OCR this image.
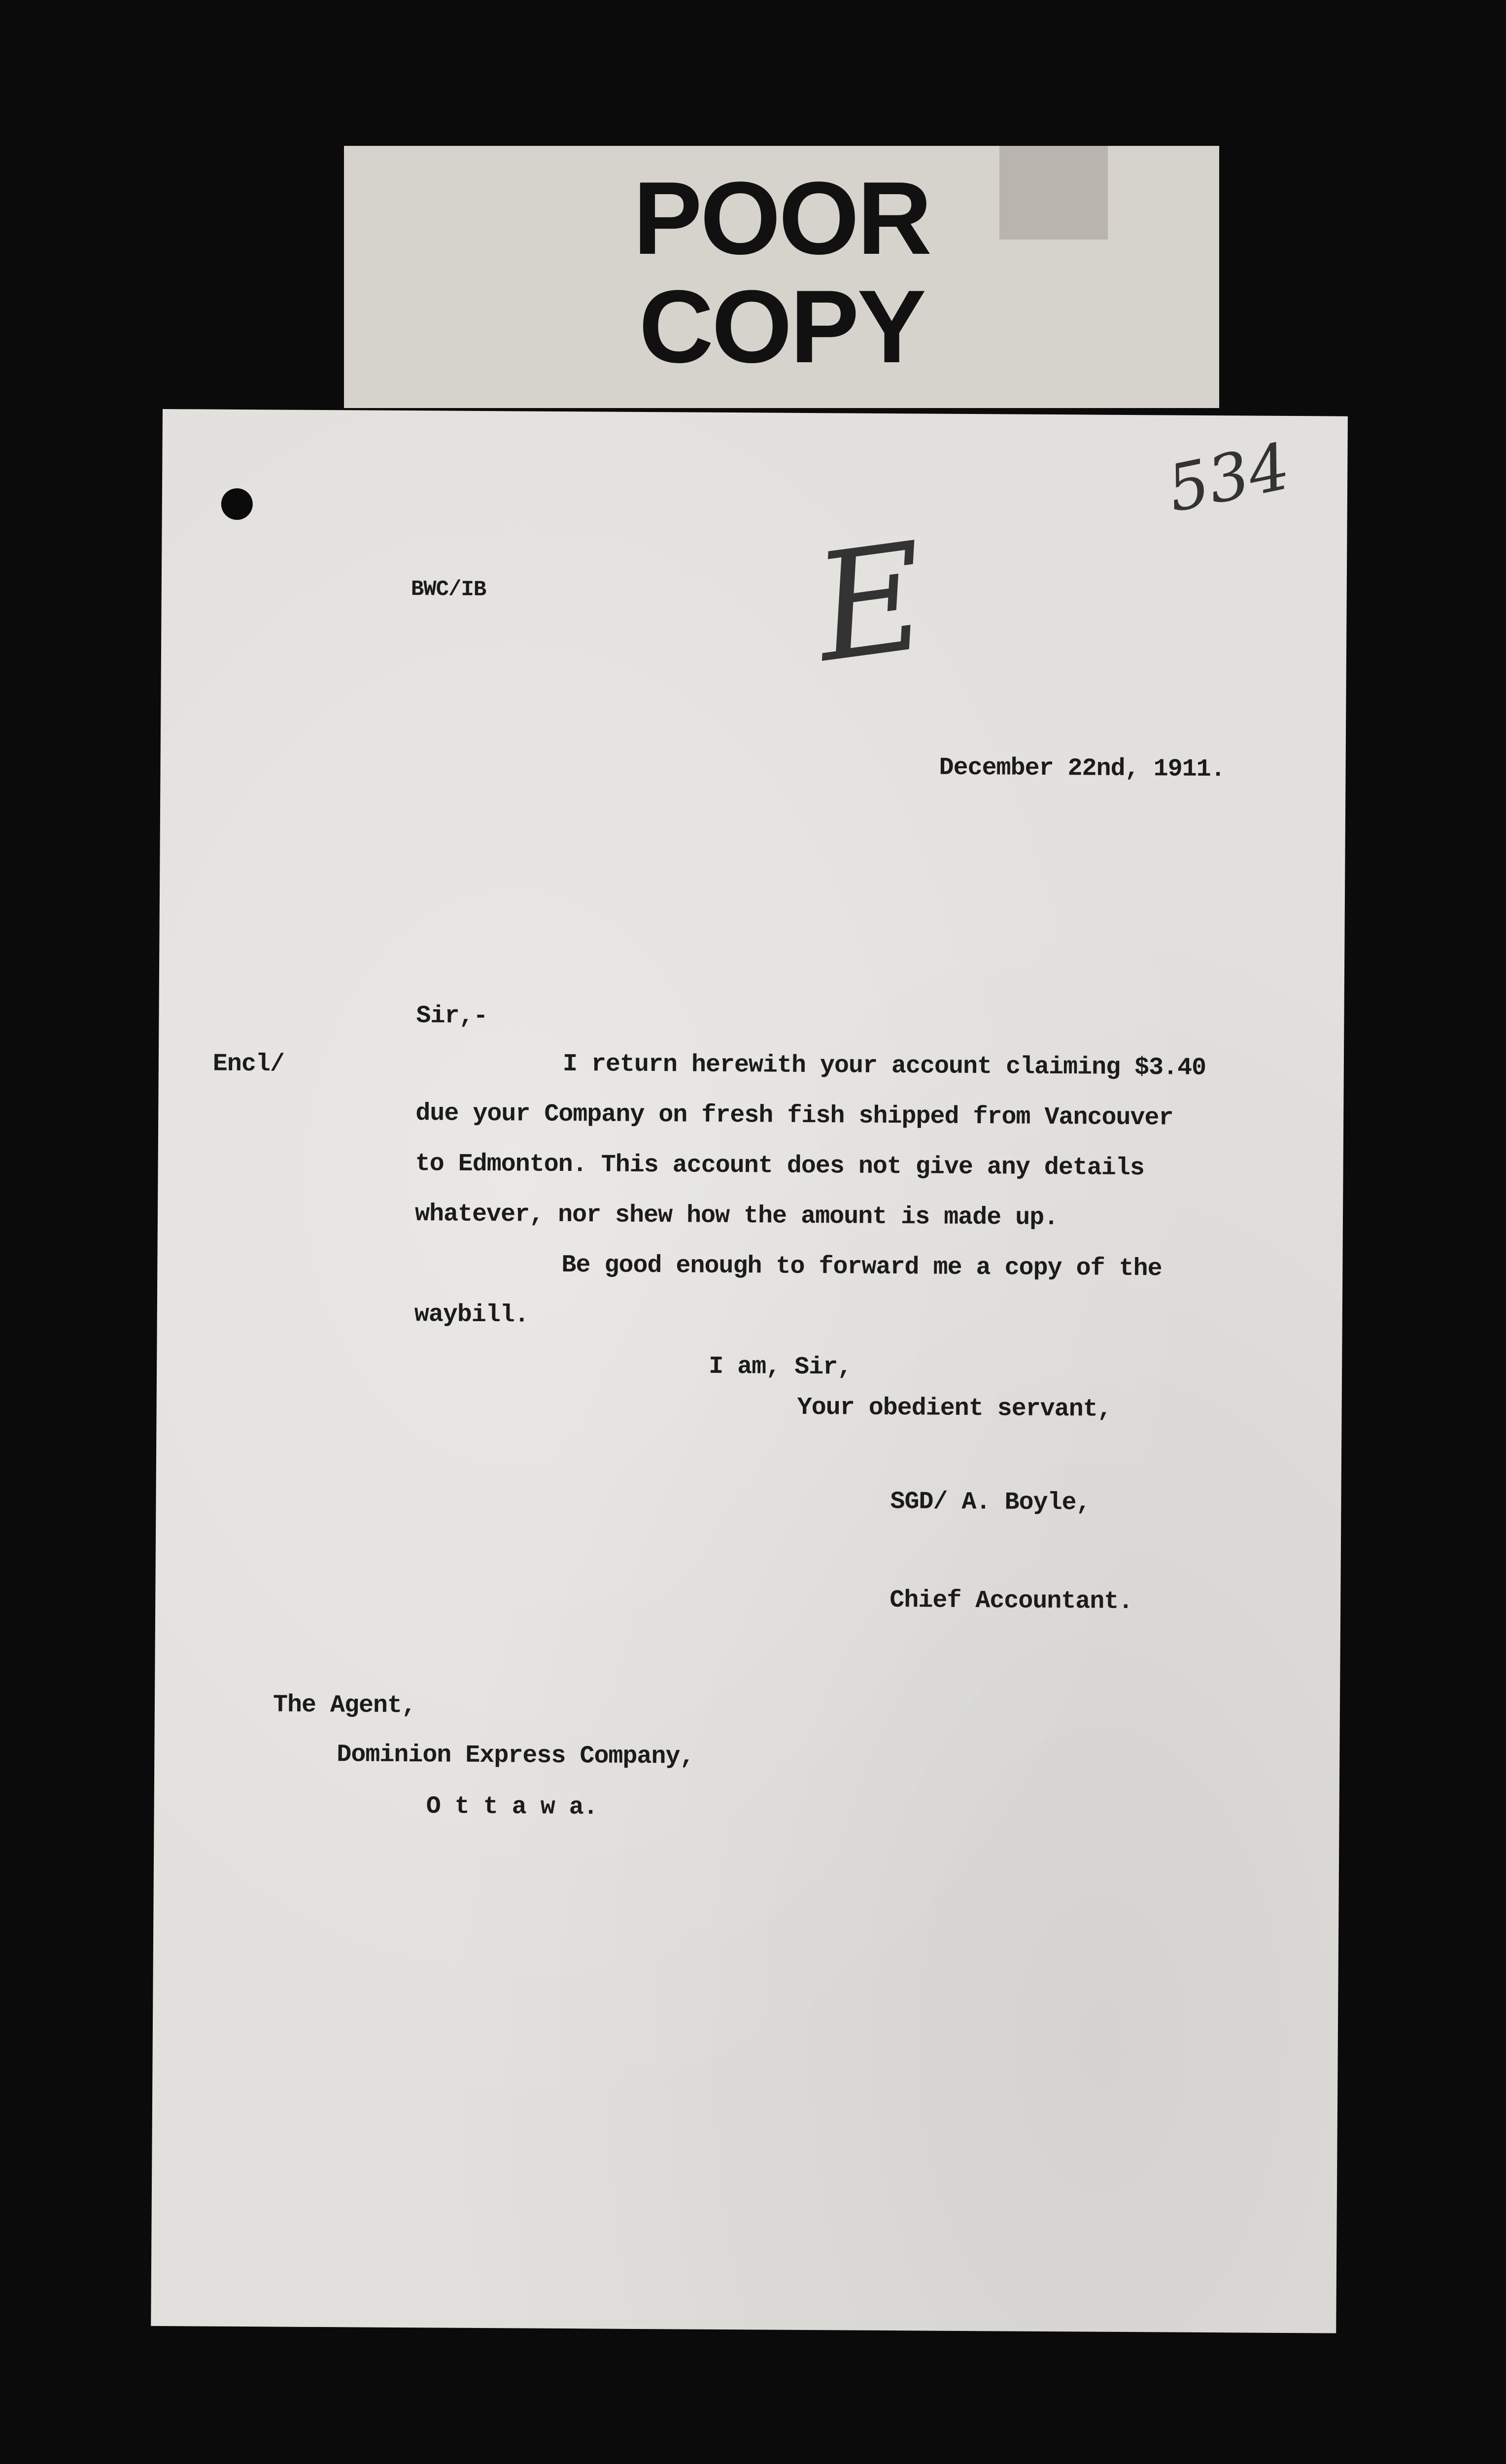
POOR
COPY
BWC/IB E
534
December 22nd, 1911.
Sir,-
Encl/	I return herewith your account claiming $3.40
due your Company on fresh fish shipped from Vancouver
to Edmonton. This account does not give any details
whatever, nor shew how the amount is made up.
Be good enough to forward me a copy of the
waybill.
I am, Sir,
Your obedient servant,
SGD/ A. Boyle,
Chief Accountant.
The Agent,
Dominion Express Company,
O t t a w a.
